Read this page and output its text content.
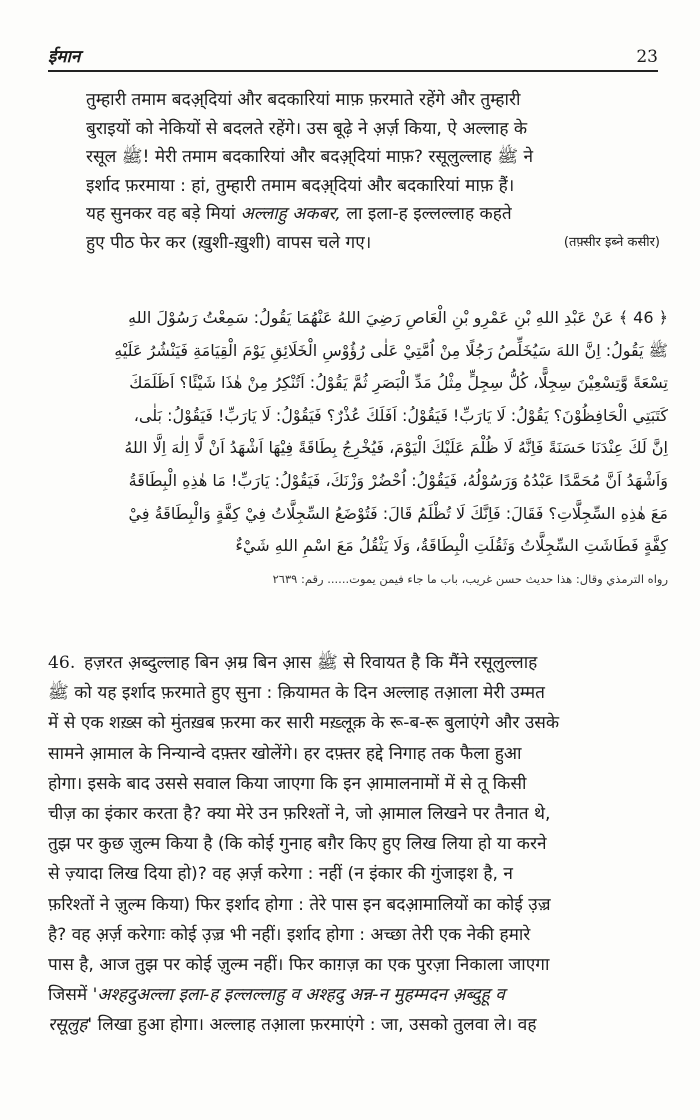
ईमान	23
तुम्हारी तमाम बदअ़्दियां और बदकारियां माफ़ फ़रमाते रहेंगे और तुम्हारी
बुराइयों को नेकियों से बदलते रहेंगे। उस बूढ़े ने अ़र्ज़ किया, ऐ अल्लाह के
रसूल ﷺ! मेरी तमाम बदकारियां और बदअ़्दियां माफ़? रसूलुल्लाह ﷺ ने
इर्शाद फ़रमाया : हां, तुम्हारी तमाम बदअ़्दियां और बदकारियां माफ़ हैं।
यह सुनकर वह बड़े मियां अल्लाहु अकबर, ला इला-ह इल्लल्लाह कहते
हुए पीठ फेर कर (ख़ुशी-ख़ुशी) वापस चले गए।	(तफ़्सीर इब्ने कसीर)
﴿ 46 ﴾ عَنْ عَبْدِ اللهِ بْنِ عَمْرِو بْنِ الْعَاصِ رَضِيَ اللهُ عَنْهُمَا يَقُولُ: سَمِعْتُ رَسُوْلَ اللهِ
ﷺ يَقُولُ: اِنَّ اللهَ سَيُخَلِّصُ رَجُلًا مِنْ اُمَّتِيْ عَلٰى رُؤُوْسِ الْخَلَائِقِ يَوْمَ الْقِيَامَةِ فَيَنْشُرُ عَلَيْهِ
تِسْعَةً وَّتِسْعِيْنَ سِجِلًّا، كُلُّ سِجِلٍّ مِثْلُ مَدِّ الْبَصَرِ ثُمَّ يَقُوْلُ: اَتُنْكِرُ مِنْ هٰذَا شَيْئًا؟ اَظَلَمَكَ
كَتَبَتِي الْحَافِظُوْنَ؟ يَقُوْلُ: لَا يَارَبِّ! فَيَقُوْلُ: اَفَلَكَ عُذْرٌ؟ فَيَقُوْلُ: لَا يَارَبِّ! فَيَقُوْلُ: بَلٰى،
اِنَّ لَكَ عِنْدَنَا حَسَنَةً فَاِنَّهُ لَا ظُلْمَ عَلَيْكَ الْيَوْمَ، فَيُخْرِجُ بِطَاقَةً فِيْهَا اَشْهَدُ اَنْ لَّا اِلٰهَ اِلَّا اللهُ
وَاَشْهَدُ اَنَّ مُحَمَّدًا عَبْدُهُ وَرَسُوْلُهُ، فَيَقُوْلُ: اُحْضُرْ وَزْنَكَ، فَيَقُوْلُ: يَارَبِّ! مَا هٰذِهِ الْبِطَاقَةُ
مَعَ هٰذِهِ السِّجِلَّاتِ؟ فَقَالَ: فَاِنَّكَ لَا تُظْلَمُ قَالَ: فَتُوْضَعُ السِّجِلَّاتُ فِيْ كِفَّةٍ وَالْبِطَاقَةُ فِيْ
كِفَّةٍ فَطَاشَتِ السِّجِلَّاتُ وَثَقُلَتِ الْبِطَاقَةُ، وَلَا يَثْقُلُ مَعَ اسْمِ اللهِ شَيْءٌ
رواه الترمذي وقال: هذا حديث حسن غريب، باب ما جاء فيمن يموت...... رقم: ٢٦٣٩
46. हज़रत अ़ब्दुल्लाह बिन अ़म्र बिन आ़स ﷺ से रिवायत है कि मैंने रसूलुल्लाह
ﷺ को यह इर्शाद फ़रमाते हुए सुना : क़ियामत के दिन अल्लाह तआ़ला मेरी उम्मत
में से एक शख़्स को मुंतख़ब फ़रमा कर सारी मख़्लूक़ के रू-ब-रू बुलाएंगे और उसके
सामने आ़माल के निन्यान्वे दफ़्तर खोलेंगे। हर दफ़्तर हद्दे निगाह तक फैला हुआ
होगा। इसके बाद उससे सवाल किया जाएगा कि इन आ़मालनामों में से तू किसी
चीज़ का इंकार करता है? क्या मेरे उन फ़रिश्तों ने, जो आ़माल लिखने पर तैनात थे,
तुझ पर कुछ ज़ुल्म किया है (कि कोई गुनाह बग़ैर किए हुए लिख लिया हो या करने
से ज़्यादा लिख दिया हो)? वह अ़र्ज़ करेगा : नहीं (न इंकार की गुंजाइश है, न
फ़रिश्तों ने ज़ुल्म किया) फिर इर्शाद होगा : तेरे पास इन बदआ़मालियों का कोई उ़ज़्र
है? वह अ़र्ज़ करेगाः कोई उ़ज़्र भी नहीं। इर्शाद होगा : अच्छा तेरी एक नेकी हमारे
पास है, आज तुझ पर कोई ज़ुल्म नहीं। फिर काग़ज़ का एक पुरज़ा निकाला जाएगा
जिसमें 'अश्हदुअल्ला इला-ह इल्लल्लाहु व अश्हदु अन्न-न मुहम्मदन अ़ब्दुहू व
रसूलुह' लिखा हुआ होगा। अल्लाह तआ़ला फ़रमाएंगे : जा, उसको तुलवा ले। वह
